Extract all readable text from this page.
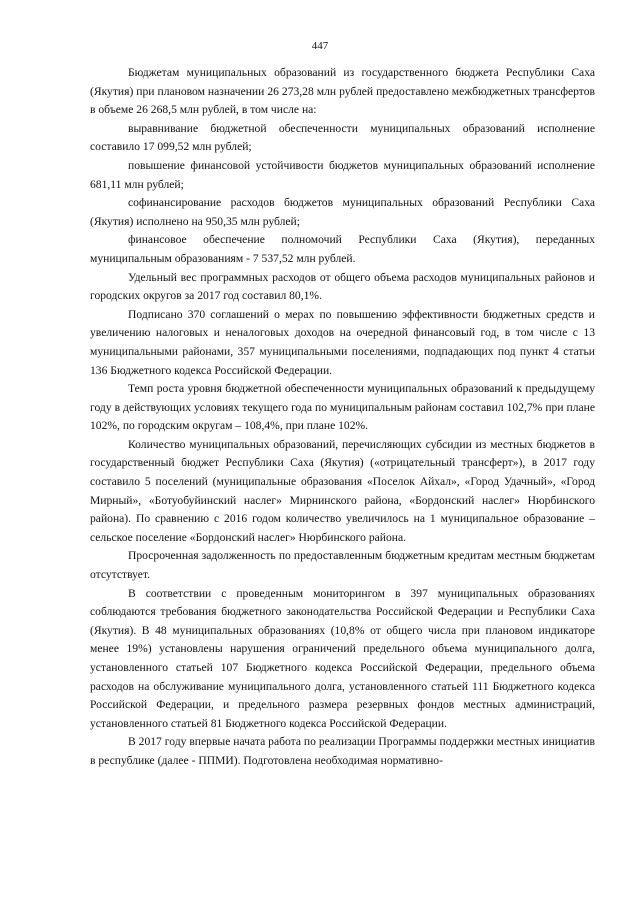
447

Бюджетам муниципальных образований из государственного бюджета Республики Саха (Якутия) при плановом назначении 26 273,28 млн рублей предоставлено межбюджетных трансфертов в объеме 26 268,5 млн рублей, в том числе на:

выравнивание бюджетной обеспеченности муниципальных образований исполнение составило 17 099,52 млн рублей;

повышение финансовой устойчивости бюджетов муниципальных образований исполнение 681,11 млн рублей;

софинансирование расходов бюджетов муниципальных образований Республики Саха (Якутия) исполнено на 950,35 млн рублей;

финансовое обеспечение полномочий Республики Саха (Якутия), переданных муниципальным образованиям - 7 537,52 млн рублей.

Удельный вес программных расходов от общего объема расходов муниципальных районов и городских округов за 2017 год составил 80,1%.

Подписано 370 соглашений о мерах по повышению эффективности бюджетных средств и увеличению налоговых и неналоговых доходов на очередной финансовый год, в том числе с 13 муниципальными районами, 357 муниципальными поселениями, подпадающих под пункт 4 статьи 136 Бюджетного кодекса Российской Федерации.

Темп роста уровня бюджетной обеспеченности муниципальных образований к предыдущему году в действующих условиях текущего года по муниципальным районам составил 102,7% при плане 102%, по городским округам – 108,4%, при плане 102%.

Количество муниципальных образований, перечисляющих субсидии из местных бюджетов в государственный бюджет Республики Саха (Якутия) («отрицательный трансферт»), в 2017 году составило 5 поселений (муниципальные образования «Поселок Айхал», «Город Удачный», «Город Мирный», «Ботуобуйинский наслег» Мирнинского района, «Бордонский наслег» Нюрбинского района). По сравнению с 2016 годом количество увеличилось на 1 муниципальное образование – сельское поселение «Бордонский наслег» Нюрбинского района.

Просроченная задолженность по предоставленным бюджетным кредитам местным бюджетам отсутствует.

В соответствии с проведенным мониторингом в 397 муниципальных образованиях соблюдаются требования бюджетного законодательства Российской Федерации и Республики Саха (Якутия). В 48 муниципальных образованиях (10,8% от общего числа при плановом индикаторе менее 19%) установлены нарушения ограничений предельного объема муниципального долга, установленного статьей 107 Бюджетного кодекса Российской Федерации, предельного объема расходов на обслуживание муниципального долга, установленного статьей 111 Бюджетного кодекса Российской Федерации, и предельного размера резервных фондов местных администраций, установленного статьей 81 Бюджетного кодекса Российской Федерации.

В 2017 году впервые начата работа по реализации Программы поддержки местных инициатив в республике (далее - ППМИ). Подготовлена необходимая нормативно-
